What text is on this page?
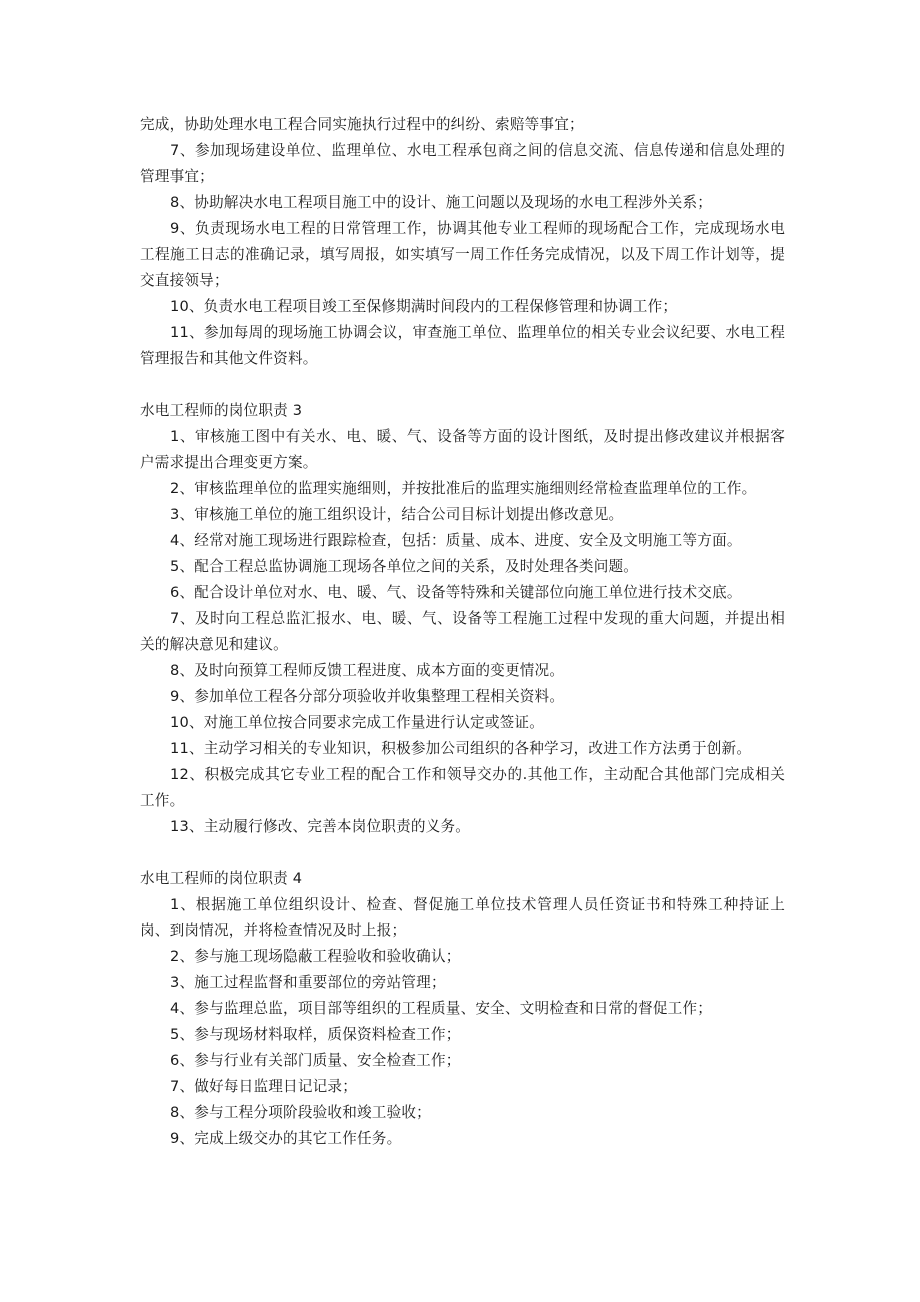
完成，协助处理水电工程合同实施执行过程中的纠纷、索赔等事宜；

7、参加现场建设单位、监理单位、水电工程承包商之间的信息交流、信息传递和信息处理的管理事宜；

8、协助解决水电工程项目施工中的设计、施工问题以及现场的水电工程涉外关系；

9、负责现场水电工程的日常管理工作，协调其他专业工程师的现场配合工作，完成现场水电工程施工日志的准确记录，填写周报，如实填写一周工作任务完成情况，以及下周工作计划等，提交直接领导；

10、负责水电工程项目竣工至保修期满时间段内的工程保修管理和协调工作；

11、参加每周的现场施工协调会议，审查施工单位、监理单位的相关专业会议纪要、水电工程管理报告和其他文件资料。

水电工程师的岗位职责 3

1、审核施工图中有关水、电、暖、气、设备等方面的设计图纸，及时提出修改建议并根据客户需求提出合理变更方案。

2、审核监理单位的监理实施细则，并按批准后的监理实施细则经常检查监理单位的工作。

3、审核施工单位的施工组织设计，结合公司目标计划提出修改意见。

4、经常对施工现场进行跟踪检查，包括：质量、成本、进度、安全及文明施工等方面。

5、配合工程总监协调施工现场各单位之间的关系，及时处理各类问题。

6、配合设计单位对水、电、暖、气、设备等特殊和关键部位向施工单位进行技术交底。

7、及时向工程总监汇报水、电、暖、气、设备等工程施工过程中发现的重大问题，并提出相关的解决意见和建议。

8、及时向预算工程师反馈工程进度、成本方面的变更情况。

9、参加单位工程各分部分项验收并收集整理工程相关资料。

10、对施工单位按合同要求完成工作量进行认定或签证。

11、主动学习相关的专业知识，积极参加公司组织的各种学习，改进工作方法勇于创新。

12、积极完成其它专业工程的配合工作和领导交办的.其他工作，主动配合其他部门完成相关工作。

13、主动履行修改、完善本岗位职责的义务。

水电工程师的岗位职责 4

1、根据施工单位组织设计、检查、督促施工单位技术管理人员任资证书和特殊工种持证上岗、到岗情况，并将检查情况及时上报；

2、参与施工现场隐蔽工程验收和验收确认；

3、施工过程监督和重要部位的旁站管理；

4、参与监理总监，项目部等组织的工程质量、安全、文明检查和日常的督促工作；

5、参与现场材料取样，质保资料检查工作；

6、参与行业有关部门质量、安全检查工作；

7、做好每日监理日记记录；

8、参与工程分项阶段验收和竣工验收；

9、完成上级交办的其它工作任务。
